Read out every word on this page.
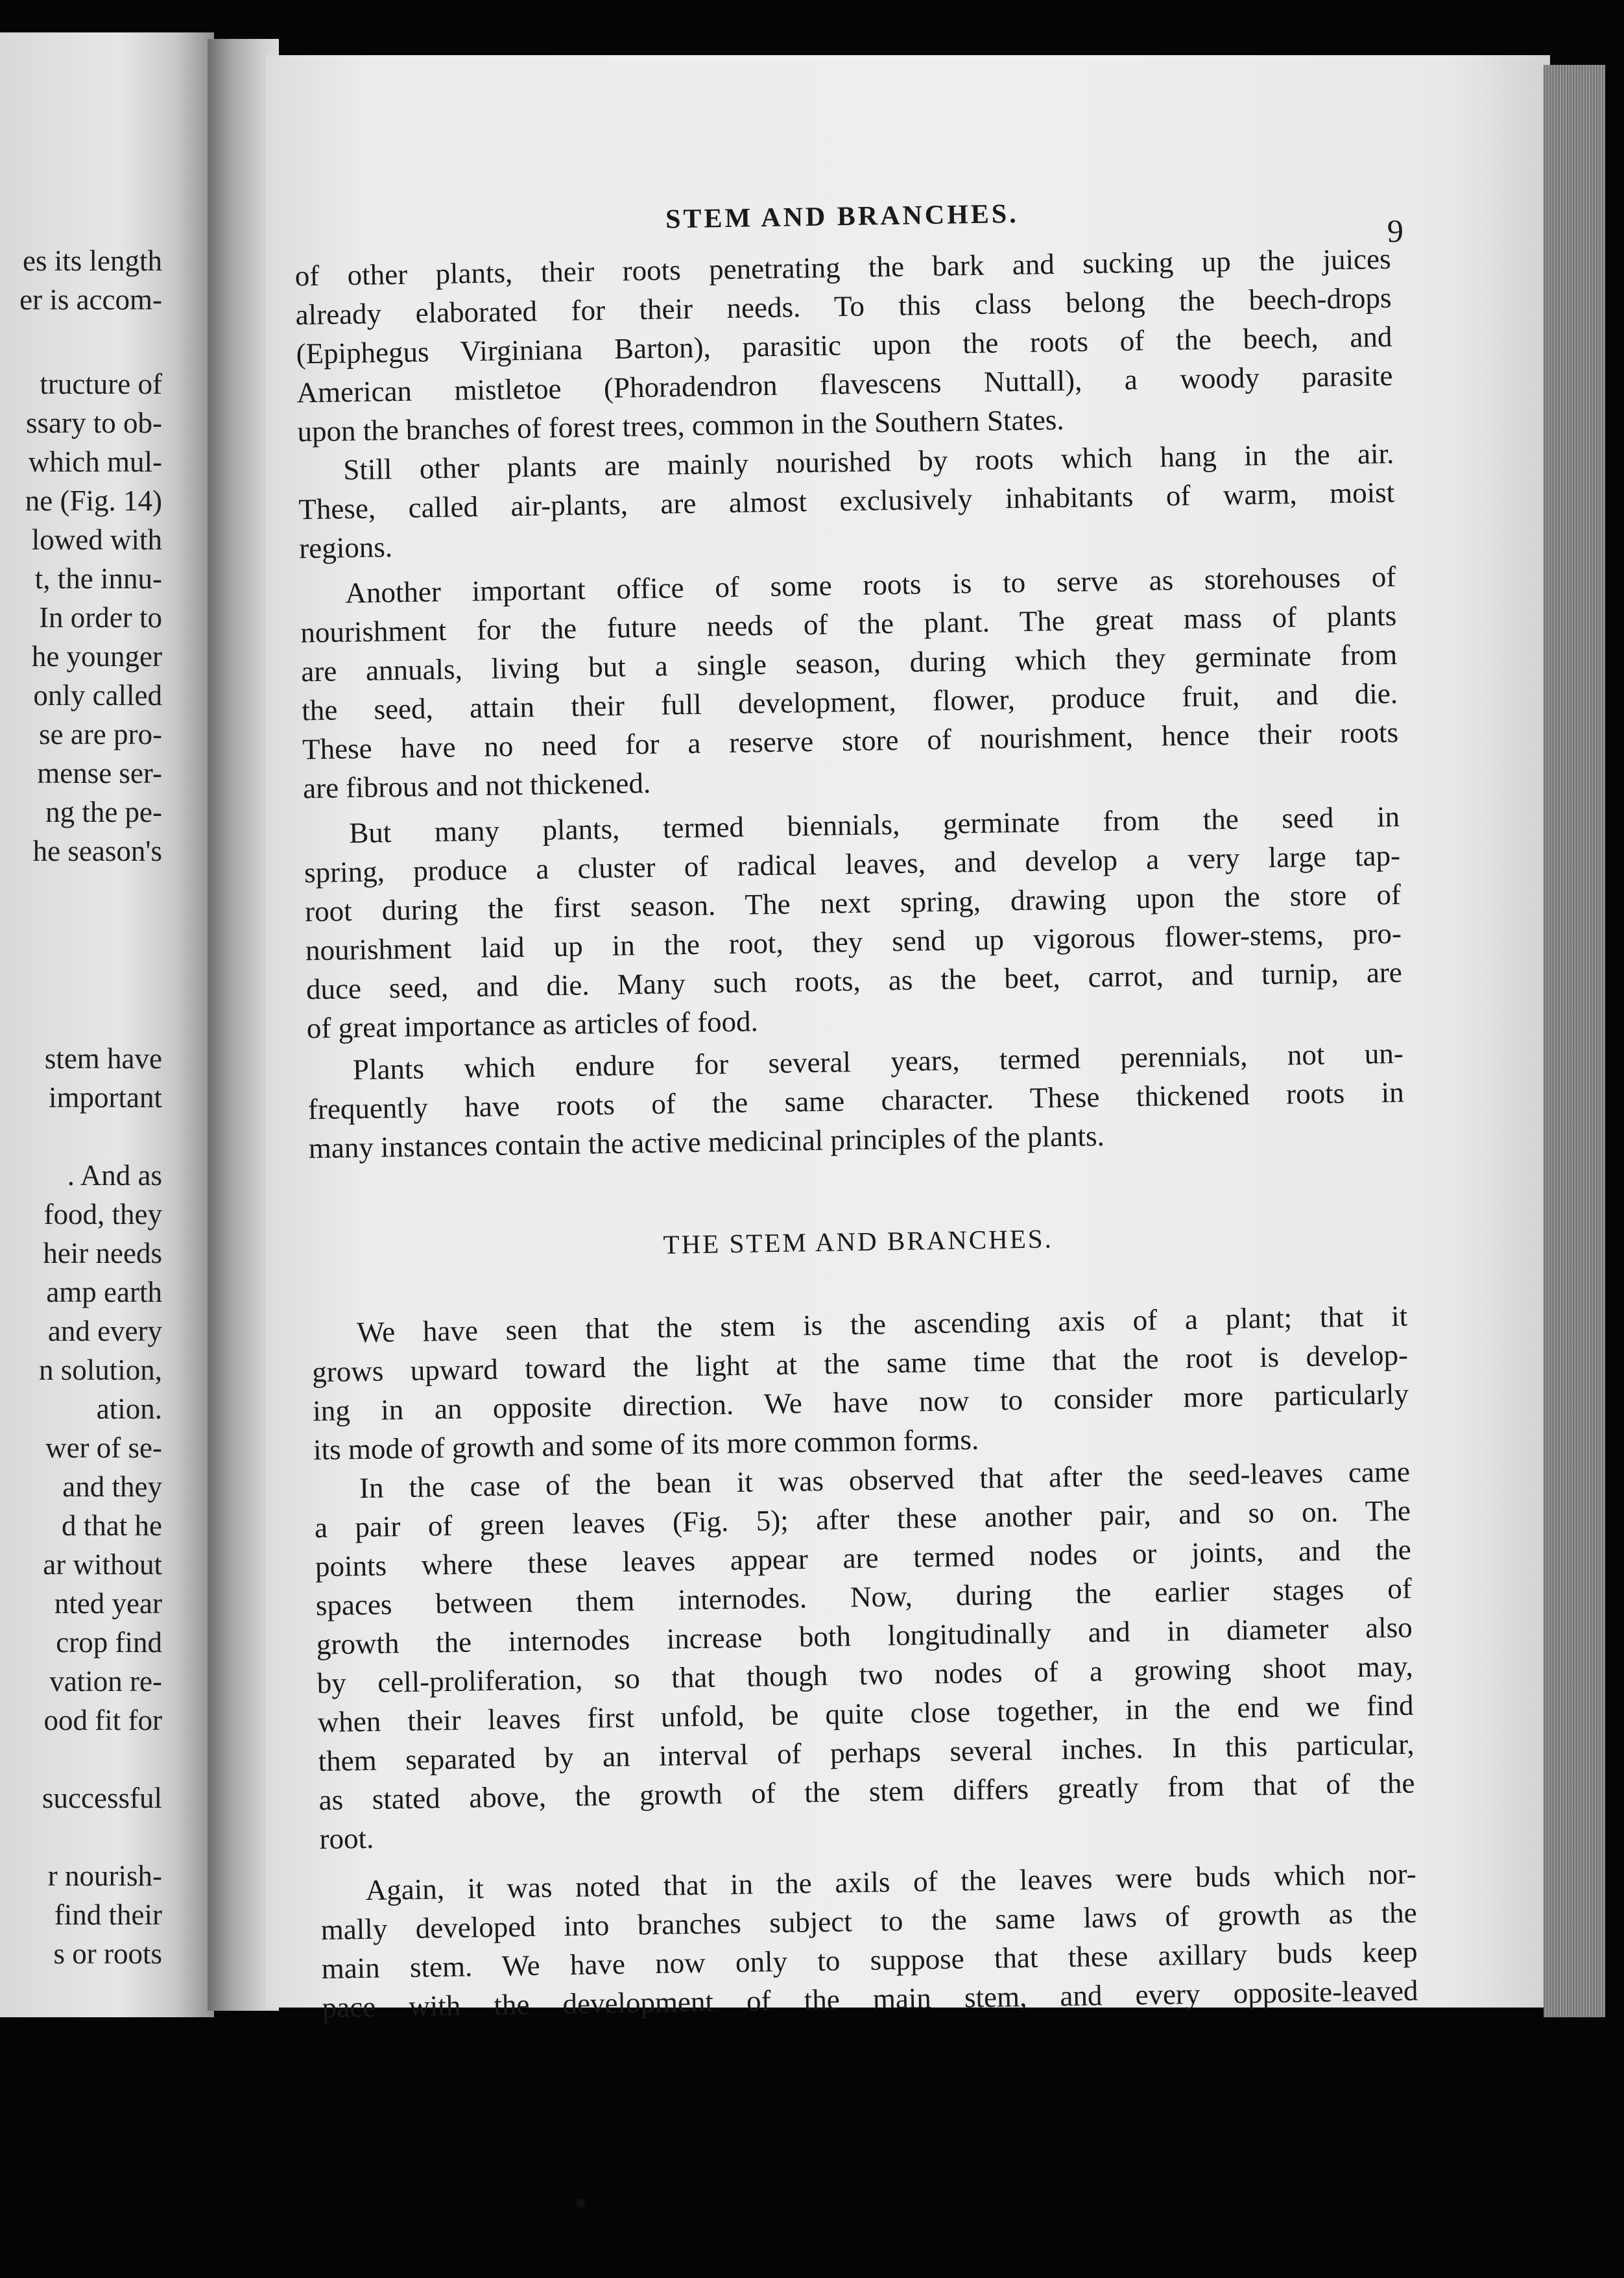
es its length
er is accom-
tructure of
ssary to ob-
which mul-
ne (Fig. 14)
lowed with
t, the innu-
In order to
he younger
only called
se are pro-
mense ser-
ng the pe-
he season's
stem have
important
. And as
food, they
heir needs
amp earth
and every
n solution,
ation.
wer of se-
and they
d that he
ar without
nted year
crop find
vation re-
ood fit for
successful
r nourish-
find their
s or roots
STEM AND BRANCHES.	9
of other plants, their roots penetrating the bark and sucking up the juices
already elaborated for their needs. To this class belong the beech-drops
(Epiphegus Virginiana Barton), parasitic upon the roots of the beech, and
American mistletoe (Phoradendron flavescens Nuttall), a woody parasite
upon the branches of forest trees, common in the Southern States.
Still other plants are mainly nourished by roots which hang in the air.
These, called air-plants, are almost exclusively inhabitants of warm, moist
regions.
Another important office of some roots is to serve as storehouses of
nourishment for the future needs of the plant. The great mass of plants
are annuals, living but a single season, during which they germinate from
the seed, attain their full development, flower, produce fruit, and die.
These have no need for a reserve store of nourishment, hence their roots
are fibrous and not thickened.
But many plants, termed biennials, germinate from the seed in
spring, produce a cluster of radical leaves, and develop a very large tap-
root during the first season. The next spring, drawing upon the store of
nourishment laid up in the root, they send up vigorous flower-stems, pro-
duce seed, and die. Many such roots, as the beet, carrot, and turnip, are
of great importance as articles of food.
Plants which endure for several years, termed perennials, not un-
frequently have roots of the same character. These thickened roots in
many instances contain the active medicinal principles of the plants.
THE STEM AND BRANCHES.
We have seen that the stem is the ascending axis of a plant; that it
grows upward toward the light at the same time that the root is develop-
ing in an opposite direction. We have now to consider more particularly
its mode of growth and some of its more common forms.
In the case of the bean it was observed that after the seed-leaves came
a pair of green leaves (Fig. 5); after these another pair, and so on. The
points where these leaves appear are termed nodes or joints, and the
spaces between them internodes. Now, during the earlier stages of
growth the internodes increase both longitudinally and in diameter also
by cell-proliferation, so that though two nodes of a growing shoot may,
when their leaves first unfold, be quite close together, in the end we find
them separated by an interval of perhaps several inches. In this particular,
as stated above, the growth of the stem differs greatly from that of the
root.
Again, it was noted that in the axils of the leaves were buds which nor-
mally developed into branches subject to the same laws of growth as the
main stem. We have now only to suppose that these axillary buds keep
pace with the development of the main stem, and every opposite-leaved
